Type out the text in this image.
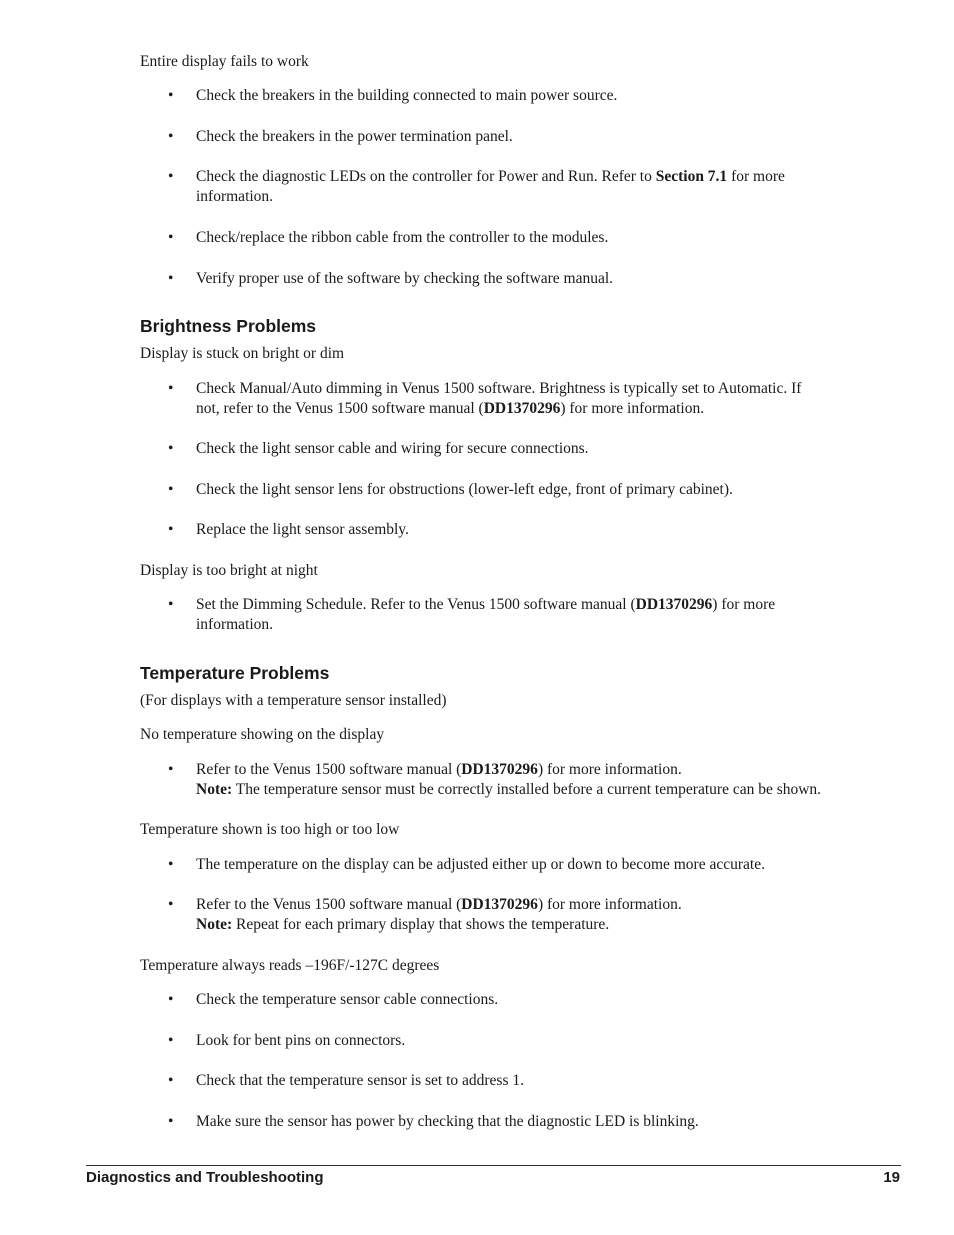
Entire display fails to work
• Check the breakers in the building connected to main power source.
• Check the breakers in the power termination panel.
• Check the diagnostic LEDs on the controller for Power and Run. Refer to Section 7.1 for more
information.
• Check/replace the ribbon cable from the controller to the modules.
• Verify proper use of the software by checking the software manual.
Brightness Problems
Display is stuck on bright or dim
• Check Manual/Auto dimming in Venus 1500 software. Brightness is typically set to Automatic. If
not, refer to the Venus 1500 software manual (DD1370296) for more information.
• Check the light sensor cable and wiring for secure connections.
• Check the light sensor lens for obstructions (lower-left edge, front of primary cabinet).
• Replace the light sensor assembly.
Display is too bright at night
• Set the Dimming Schedule. Refer to the Venus 1500 software manual (DD1370296) for more
information.
Temperature Problems
(For displays with a temperature sensor installed)
No temperature showing on the display
• Refer to the Venus 1500 software manual (DD1370296) for more information.
Note: The temperature sensor must be correctly installed before a current temperature can be shown.
Temperature shown is too high or too low
• The temperature on the display can be adjusted either up or down to become more accurate.
• Refer to the Venus 1500 software manual (DD1370296) for more information.
Note: Repeat for each primary display that shows the temperature.
Temperature always reads –196F/-127C degrees
• Check the temperature sensor cable connections.
• Look for bent pins on connectors.
• Check that the temperature sensor is set to address 1.
• Make sure the sensor has power by checking that the diagnostic LED is blinking.
Diagnostics and Troubleshooting	19
